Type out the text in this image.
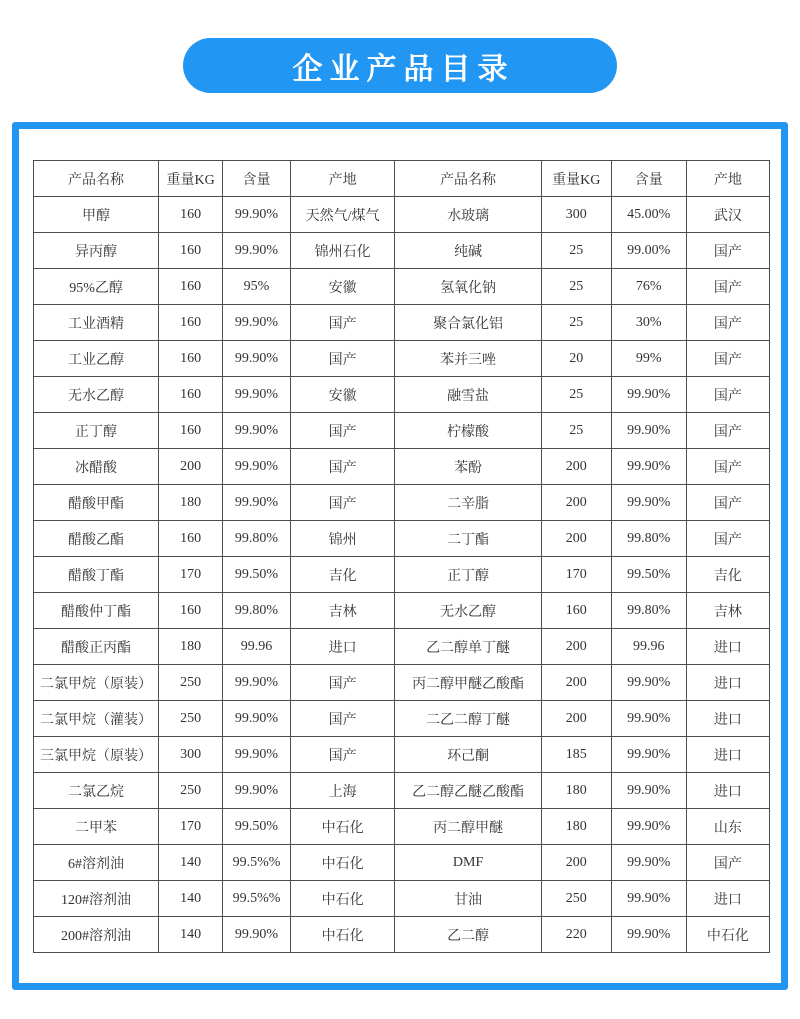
企业产品目录
产品名称	重量KG	含量	产地	产品名称	重量KG	含量	产地
甲醇	160	99.90%	天然气/煤气	水玻璃	300	45.00%	武汉
异丙醇	160	99.90%	锦州石化	纯碱	25	99.00%	国产
95%乙醇	160	95%	安徽	氢氧化钠	25	76%	国产
工业酒精	160	99.90%	国产	聚合氯化铝	25	30%	国产
工业乙醇	160	99.90%	国产	苯并三唑	20	99%	国产
无水乙醇	160	99.90%	安徽	融雪盐	25	99.90%	国产
正丁醇	160	99.90%	国产	柠檬酸	25	99.90%	国产
冰醋酸	200	99.90%	国产	苯酚	200	99.90%	国产
醋酸甲酯	180	99.90%	国产	二辛脂	200	99.90%	国产
醋酸乙酯	160	99.80%	锦州	二丁酯	200	99.80%	国产
醋酸丁酯	170	99.50%	吉化	正丁醇	170	99.50%	吉化
醋酸仲丁酯	160	99.80%	吉林	无水乙醇	160	99.80%	吉林
醋酸正丙酯	180	99.96	进口	乙二醇单丁醚	200	99.96	进口
二氯甲烷（原装）	250	99.90%	国产	丙二醇甲醚乙酸酯	200	99.90%	进口
二氯甲烷（灌装）	250	99.90%	国产	二乙二醇丁醚	200	99.90%	进口
三氯甲烷（原装）	300	99.90%	国产	环己酮	185	99.90%	进口
二氯乙烷	250	99.90%	上海	乙二醇乙醚乙酸酯	180	99.90%	进口
二甲苯	170	99.50%	中石化	丙二醇甲醚	180	99.90%	山东
6#溶剂油	140	99.5%%	中石化	DMF	200	99.90%	国产
120#溶剂油	140	99.5%%	中石化	甘油	250	99.90%	进口
200#溶剂油	140	99.90%	中石化	乙二醇	220	99.90%	中石化
